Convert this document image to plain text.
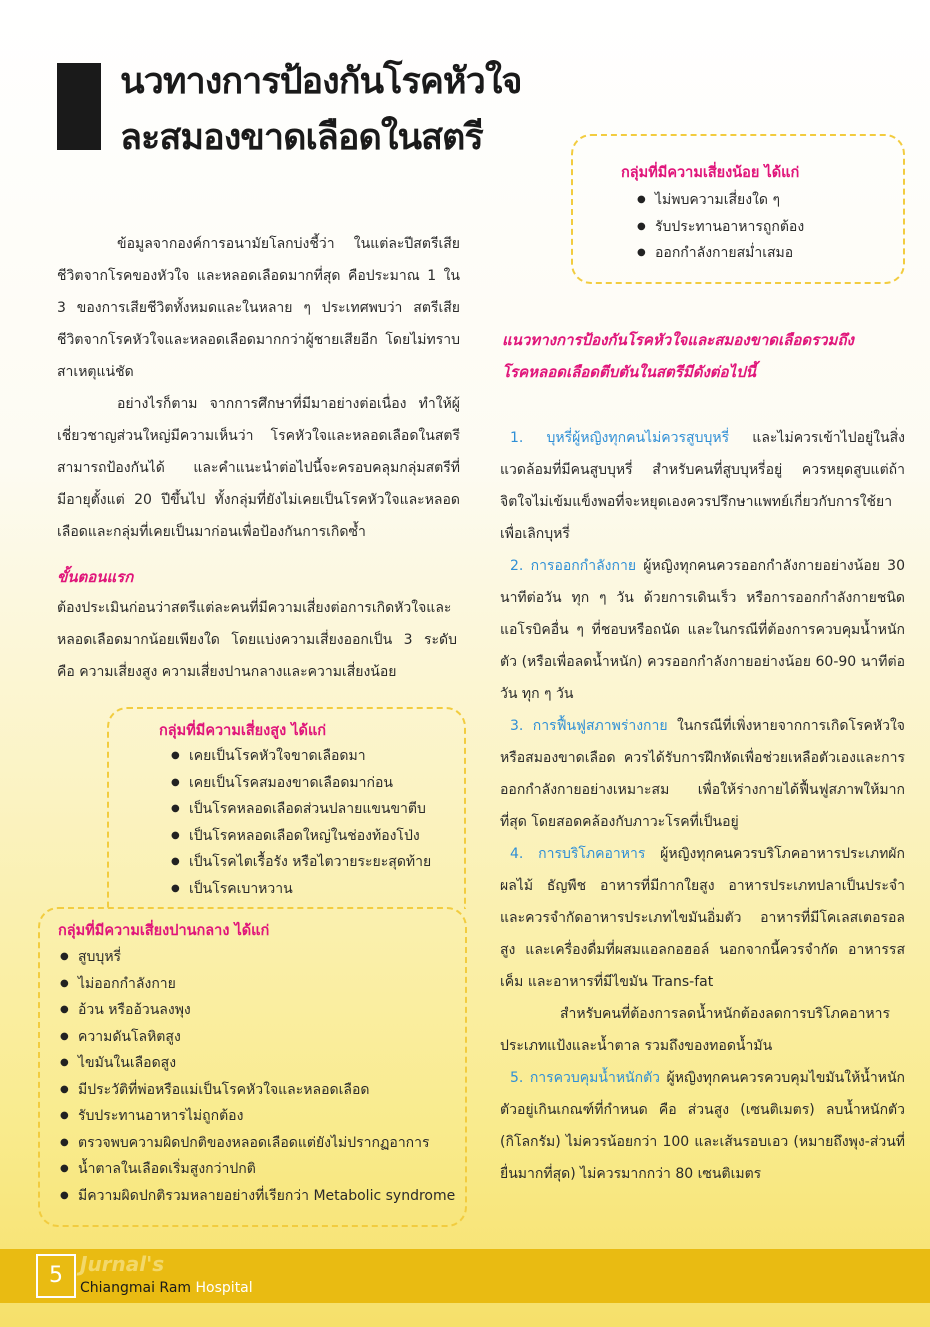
นวทางการป้องกันโรคหัวใจ
ละสมองขาดเลือดในสตรี

ข้อมูลจากองค์การอนามัยโลกบ่งชี้ว่า ในแต่ละปีสตรีเสียชีวิตจากโรคของหัวใจ และหลอดเลือดมากที่สุด คือประมาณ 1 ใน 3 ของการเสียชีวิตทั้งหมดและในหลาย ๆ ประเทศพบว่า สตรีเสียชีวิตจากโรคหัวใจและหลอดเลือดมากกว่าผู้ชายเสียอีก โดยไม่ทราบสาเหตุแน่ชัด

อย่างไรก็ตาม จากการศึกษาที่มีมาอย่างต่อเนื่อง ทำให้ผู้เชี่ยวชาญส่วนใหญ่มีความเห็นว่า โรคหัวใจและหลอดเลือดในสตรีสามารถป้องกันได้ และคำแนะนำต่อไปนี้จะครอบคลุมกลุ่มสตรีที่มีอายุตั้งแต่ 20 ปีขึ้นไป ทั้งกลุ่มที่ยังไม่เคยเป็นโรคหัวใจและหลอดเลือดและกลุ่มที่เคยเป็นมาก่อนเพื่อป้องกันการเกิดซ้ำ

ขั้นตอนแรก

ต้องประเมินก่อนว่าสตรีแต่ละคนที่มีความเสี่ยงต่อการเกิดหัวใจและหลอดเลือดมากน้อยเพียงใด โดยแบ่งความเสี่ยงออกเป็น 3 ระดับ คือ ความเสี่ยงสูง ความเสี่ยงปานกลางและความเสี่ยงน้อย

กลุ่มที่มีความเสี่ยงน้อย ได้แก่
● ไม่พบความเสี่ยงใด ๆ
● รับประทานอาหารถูกต้อง
● ออกกำลังกายสม่ำเสมอ
กลุ่มที่มีความเสี่ยงสูง ได้แก่
● เคยเป็นโรคหัวใจขาดเลือดมา
● เคยเป็นโรคสมองขาดเลือดมาก่อน
● เป็นโรคหลอดเลือดส่วนปลายแขนขาตีบ
● เป็นโรคหลอดเลือดใหญ่ในช่องท้องโป่ง
● เป็นโรคไตเรื้อรัง หรือไตวายระยะสุดท้าย
● เป็นโรคเบาหวาน
กลุ่มที่มีความเสี่ยงปานกลาง ได้แก่
● สูบบุหรี่
● ไม่ออกกำลังกาย
● อ้วน หรืออ้วนลงพุง
● ความดันโลหิตสูง
● ไขมันในเลือดสูง
● มีประวัติที่พ่อหรือแม่เป็นโรคหัวใจและหลอดเลือด
● รับประทานอาหารไม่ถูกต้อง
● ตรวจพบความผิดปกติของหลอดเลือดแต่ยังไม่ปรากฏอาการ
● น้ำตาลในเลือดเริ่มสูงกว่าปกติ
● มีความผิดปกติรวมหลายอย่างที่เรียกว่า Metabolic syndrome
แนวทางการป้องกันโรคหัวใจและสมองขาดเลือดรวมถึง
โรคหลอดเลือดตีบตันในสตรีมีดังต่อไปนี้

1. บุหรี่ผู้หญิงทุกคนไม่ควรสูบบุหรี่ และไม่ควรเข้าไปอยู่ในสิ่งแวดล้อมที่มีคนสูบบุหรี่ สำหรับคนที่สูบบุหรี่อยู่ ควรหยุดสูบแต่ถ้าจิตใจไม่เข้มแข็งพอที่จะหยุดเองควรปรึกษาแพทย์เกี่ยวกับการใช้ยาเพื่อเลิกบุหรี่

2. การออกกำลังกาย ผู้หญิงทุกคนควรออกกำลังกายอย่างน้อย 30 นาทีต่อวัน ทุก ๆ วัน ด้วยการเดินเร็ว หรือการออกกำลังกายชนิดแอโรบิคอื่น ๆ ที่ชอบหรือถนัด และในกรณีที่ต้องการควบคุมน้ำหนักตัว (หรือเพื่อลดน้ำหนัก) ควรออกกำลังกายอย่างน้อย 60-90 นาทีต่อวัน ทุก ๆ วัน

3. การฟื้นฟูสภาพร่างกาย ในกรณีที่เพิ่งหายจากการเกิดโรคหัวใจหรือสมองขาดเลือด ควรได้รับการฝึกหัดเพื่อช่วยเหลือตัวเองและการออกกำลังกายอย่างเหมาะสม เพื่อให้ร่างกายได้ฟื้นฟูสภาพให้มากที่สุด โดยสอดคล้องกับภาวะโรคที่เป็นอยู่

4. การบริโภคอาหาร ผู้หญิงทุกคนควรบริโภคอาหารประเภทผัก ผลไม้ ธัญพืช อาหารที่มีกากใยสูง อาหารประเภทปลาเป็นประจำ และควรจำกัดอาหารประเภทไขมันอิ่มตัว อาหารที่มีโคเลสเตอรอลสูง และเครื่องดื่มที่ผสมแอลกอฮอล์ นอกจากนี้ควรจำกัด อาหารรสเค็ม และอาหารที่มีไขมัน Trans-fat

สำหรับคนที่ต้องการลดน้ำหนักต้องลดการบริโภคอาหารประเภทแป้งและน้ำตาล รวมถึงของทอดน้ำมัน

5. การควบคุมน้ำหนักตัว ผู้หญิงทุกคนควรควบคุมไขมันให้น้ำหนักตัวอยู่เกินเกณฑ์ที่กำหนด คือ ส่วนสูง (เซนติเมตร) ลบน้ำหนักตัว (กิโลกรัม) ไม่ควรน้อยกว่า 100 และเส้นรอบเอว (หมายถึงพุง-ส่วนที่ยื่นมากที่สุด) ไม่ควรมากกว่า 80 เซนติเมตร

5 Jurnal's
Chiangmai Ram Hospital
